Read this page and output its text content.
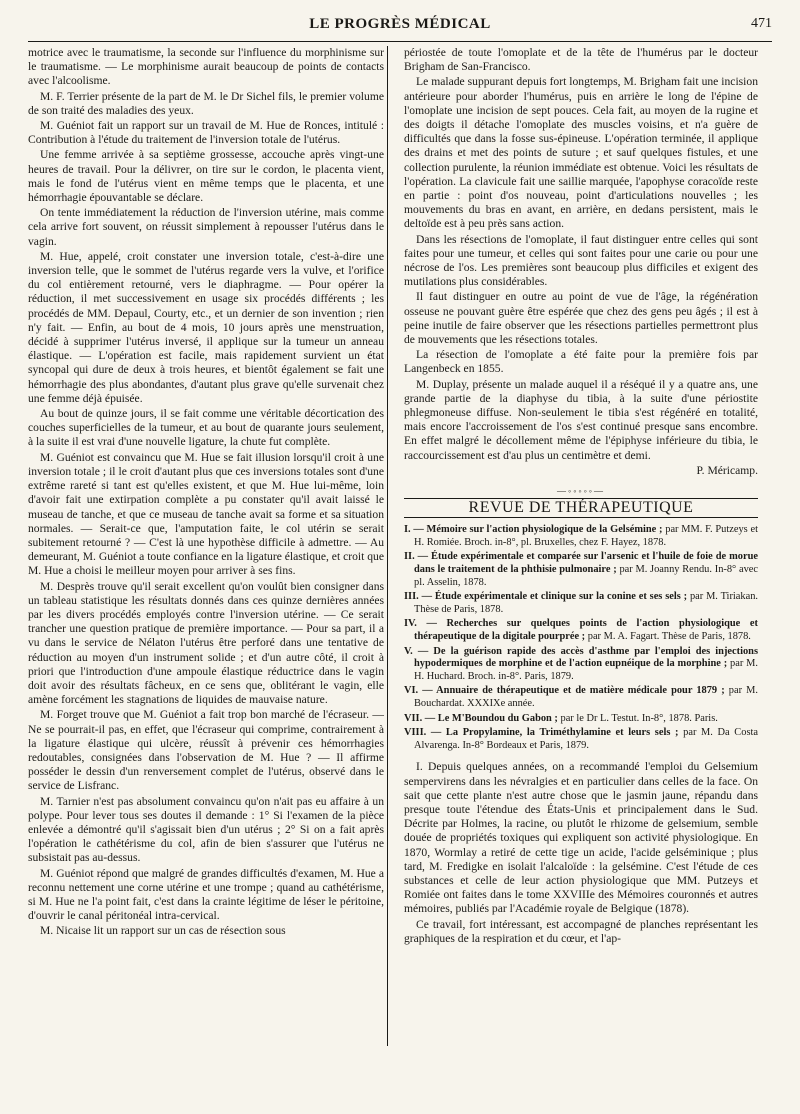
LE PROGRÈS MÉDICAL	471

motrice avec le traumatisme, la seconde sur l'influence du morphinisme sur le traumatisme. — Le morphinisme aurait beaucoup de points de contacts avec l'alcoolisme.

M. F. Terrier présente de la part de M. le Dr Sichel fils, le premier volume de son traité des maladies des yeux.

M. Guéniot fait un rapport sur un travail de M. Hue de Ronces, intitulé : Contribution à l'étude du traitement de l'inversion totale de l'utérus.

Une femme arrivée à sa septième grossesse, accouche après vingt-une heures de travail. Pour la délivrer, on tire sur le cordon, le placenta vient, mais le fond de l'utérus vient en même temps que le placenta, et une hémorrhagie épouvantable se déclare.

On tente immédiatement la réduction de l'inversion utérine, mais comme cela arrive fort souvent, on réussit simplement à repousser l'utérus dans le vagin.

M. Hue, appelé, croit constater une inversion totale, c'est-à-dire une inversion telle, que le sommet de l'utérus regarde vers la vulve, et l'orifice du col entièrement retourné, vers le diaphragme. — Pour opérer la réduction, il met successivement en usage six procédés différents ; les procédés de MM. Depaul, Courty, etc., et un dernier de son invention ; rien n'y fait. — Enfin, au bout de 4 mois, 10 jours après une menstruation, décidé à supprimer l'utérus inversé, il applique sur la tumeur un anneau élastique. — L'opération est facile, mais rapidement survient un état syncopal qui dure de deux à trois heures, et bientôt également se fait une hémorrhagie des plus abondantes, d'autant plus grave qu'elle survenait chez une femme déjà épuisée.

Au bout de quinze jours, il se fait comme une véritable décortication des couches superficielles de la tumeur, et au bout de quarante jours seulement, à la suite il est vrai d'une nouvelle ligature, la chute fut complète.

M. Guéniot est convaincu que M. Hue se fait illusion lorsqu'il croit à une inversion totale ; il le croit d'autant plus que ces inversions totales sont d'une extrême rareté si tant est qu'elles existent, et que M. Hue lui-même, loin d'avoir fait une extirpation complète a pu constater qu'il avait laissé le museau de tanche, et que ce museau de tanche avait sa forme et sa situation normales. — Serait-ce que, l'amputation faite, le col utérin se serait subitement retourné ? — C'est là une hypothèse difficile à admettre. — Au demeurant, M. Guéniot a toute confiance en la ligature élastique, et croit que M. Hue a choisi le meilleur moyen pour arriver à ses fins.

M. Desprès trouve qu'il serait excellent qu'on voulût bien consigner dans un tableau statistique les résultats donnés dans ces quinze dernières années par les divers procédés employés contre l'inversion utérine. — Ce serait trancher une question pratique de première importance. — Pour sa part, il a vu dans le service de Nélaton l'utérus être perforé dans une tentative de réduction au moyen d'un instrument solide ; et d'un autre côté, il croit à priori que l'introduction d'une ampoule élastique réductrice dans le vagin doit avoir des résultats fâcheux, en ce sens que, oblitérant le vagin, elle amène forcément les stagnations de liquides de mauvaise nature.

M. Forget trouve que M. Guéniot a fait trop bon marché de l'écraseur. — Ne se pourrait-il pas, en effet, que l'écraseur qui comprime, contrairement à la ligature élastique qui ulcère, réussît à prévenir ces hémorrhagies redoutables, consignées dans l'observation de M. Hue ? — Il affirme posséder le dessin d'un renversement complet de l'utérus, observé dans le service de Lisfranc.

M. Tarnier n'est pas absolument convaincu qu'on n'ait pas eu affaire à un polype. Pour lever tous ses doutes il demande : 1° Si l'examen de la pièce enlevée a démontré qu'il s'agissait bien d'un utérus ; 2° Si on a fait après l'opération le cathétérisme du col, afin de bien s'assurer que l'utérus ne subsistait pas au-dessus.

M. Guéniot répond que malgré de grandes difficultés d'examen, M. Hue a reconnu nettement une corne utérine et une trompe ; quand au cathétérisme, si M. Hue ne l'a point fait, c'est dans la crainte légitime de léser le péritoine, d'ouvrir le canal péritonéal intra-cervical.

M. Nicaise lit un rapport sur un cas de résection sous

périostée de toute l'omoplate et de la tête de l'humérus par le docteur Brigham de San-Francisco.

Le malade suppurant depuis fort longtemps, M. Brigham fait une incision antérieure pour aborder l'humérus, puis en arrière le long de l'épine de l'omoplate une incision de sept pouces. Cela fait, au moyen de la rugine et des doigts il détache l'omoplate des muscles voisins, et n'a guère de difficultés que dans la fosse sus-épineuse. L'opération terminée, il applique des drains et met des points de suture ; et sauf quelques fistules, et une collection purulente, la réunion immédiate est obtenue. Voici les résultats de l'opération. La clavicule fait une saillie marquée, l'apophyse coracoïde reste en partie : point d'os nouveau, point d'articulations nouvelles ; les mouvements du bras en avant, en arrière, en dedans persistent, mais le deltoïde est à peu près sans action.

Dans les résections de l'omoplate, il faut distinguer entre celles qui sont faites pour une tumeur, et celles qui sont faites pour une carie ou pour une nécrose de l'os. Les premières sont beaucoup plus difficiles et exigent des mutilations plus considérables.

Il faut distinguer en outre au point de vue de l'âge, la régénération osseuse ne pouvant guère être espérée que chez des gens peu âgés ; il est à peine inutile de faire observer que les résections partielles permettront plus de mouvements que les résections totales.

La résection de l'omoplate a été faite pour la première fois par Langenbeck en 1855.

M. Duplay, présente un malade auquel il a réséqué il y a quatre ans, une grande partie de la diaphyse du tibia, à la suite d'une périostite phlegmoneuse diffuse. Non-seulement le tibia s'est régénéré en totalité, mais encore l'accroissement de l'os s'est continué presque sans encombre. En effet malgré le décollement même de l'épiphyse inférieure du tibia, le raccourcissement est d'au plus un centimètre et demi.

P. Méricamp.
—◦◦◦◦◦—
REVUE DE THÉRAPEUTIQUE
I. — Mémoire sur l'action physiologique de la Gelsémine ; par MM. F. Putzeys et H. Romiée. Broch. in-8°, pl. Bruxelles, chez F. Hayez, 1878.
II. — Étude expérimentale et comparée sur l'arsenic et l'huile de foie de morue dans le traitement de la phthisie pulmonaire ; par M. Joanny Rendu. In-8° avec pl. Asselin, 1878.
III. — Étude expérimentale et clinique sur la conine et ses sels ; par M. Tiriakan. Thèse de Paris, 1878.
IV. — Recherches sur quelques points de l'action physiologique et thérapeutique de la digitale pourprée ; par M. A. Fagart. Thèse de Paris, 1878.
V. — De la guérison rapide des accès d'asthme par l'emploi des injections hypodermiques de morphine et de l'action eupnéique de la morphine ; par M. H. Huchard. Broch. in-8°. Paris, 1879.
VI. — Annuaire de thérapeutique et de matière médicale pour 1879 ; par M. Bouchardat. XXXIXe année.
VII. — Le M'Boundou du Gabon ; par le Dr L. Testut. In-8°, 1878. Paris.
VIII. — La Propylamine, la Triméthylamine et leurs sels ; par M. Da Costa Alvarenga. In-8° Bordeaux et Paris, 1879.

I. Depuis quelques années, on a recommandé l'emploi du Gelsemium sempervirens dans les névralgies et en particulier dans celles de la face. On sait que cette plante n'est autre chose que le jasmin jaune, répandu dans presque toute l'étendue des États-Unis et principalement dans le Sud. Décrite par Holmes, la racine, ou plutôt le rhizome de gelsemium, semble douée de propriétés toxiques qui expliquent son activité physiologique. En 1870, Wormlay a retiré de cette tige un acide, l'acide gelséminique ; plus tard, M. Fredigke en isolait l'alcaloïde : la gelsémine. C'est l'étude de ces substances et celle de leur action physiologique que MM. Putzeys et Romiée ont faites dans le tome XXVIIIe des Mémoires couronnés et autres mémoires, publiés par l'Académie royale de Belgique (1878).

Ce travail, fort intéressant, est accompagné de planches représentant les graphiques de la respiration et du cœur, et l'ap-
